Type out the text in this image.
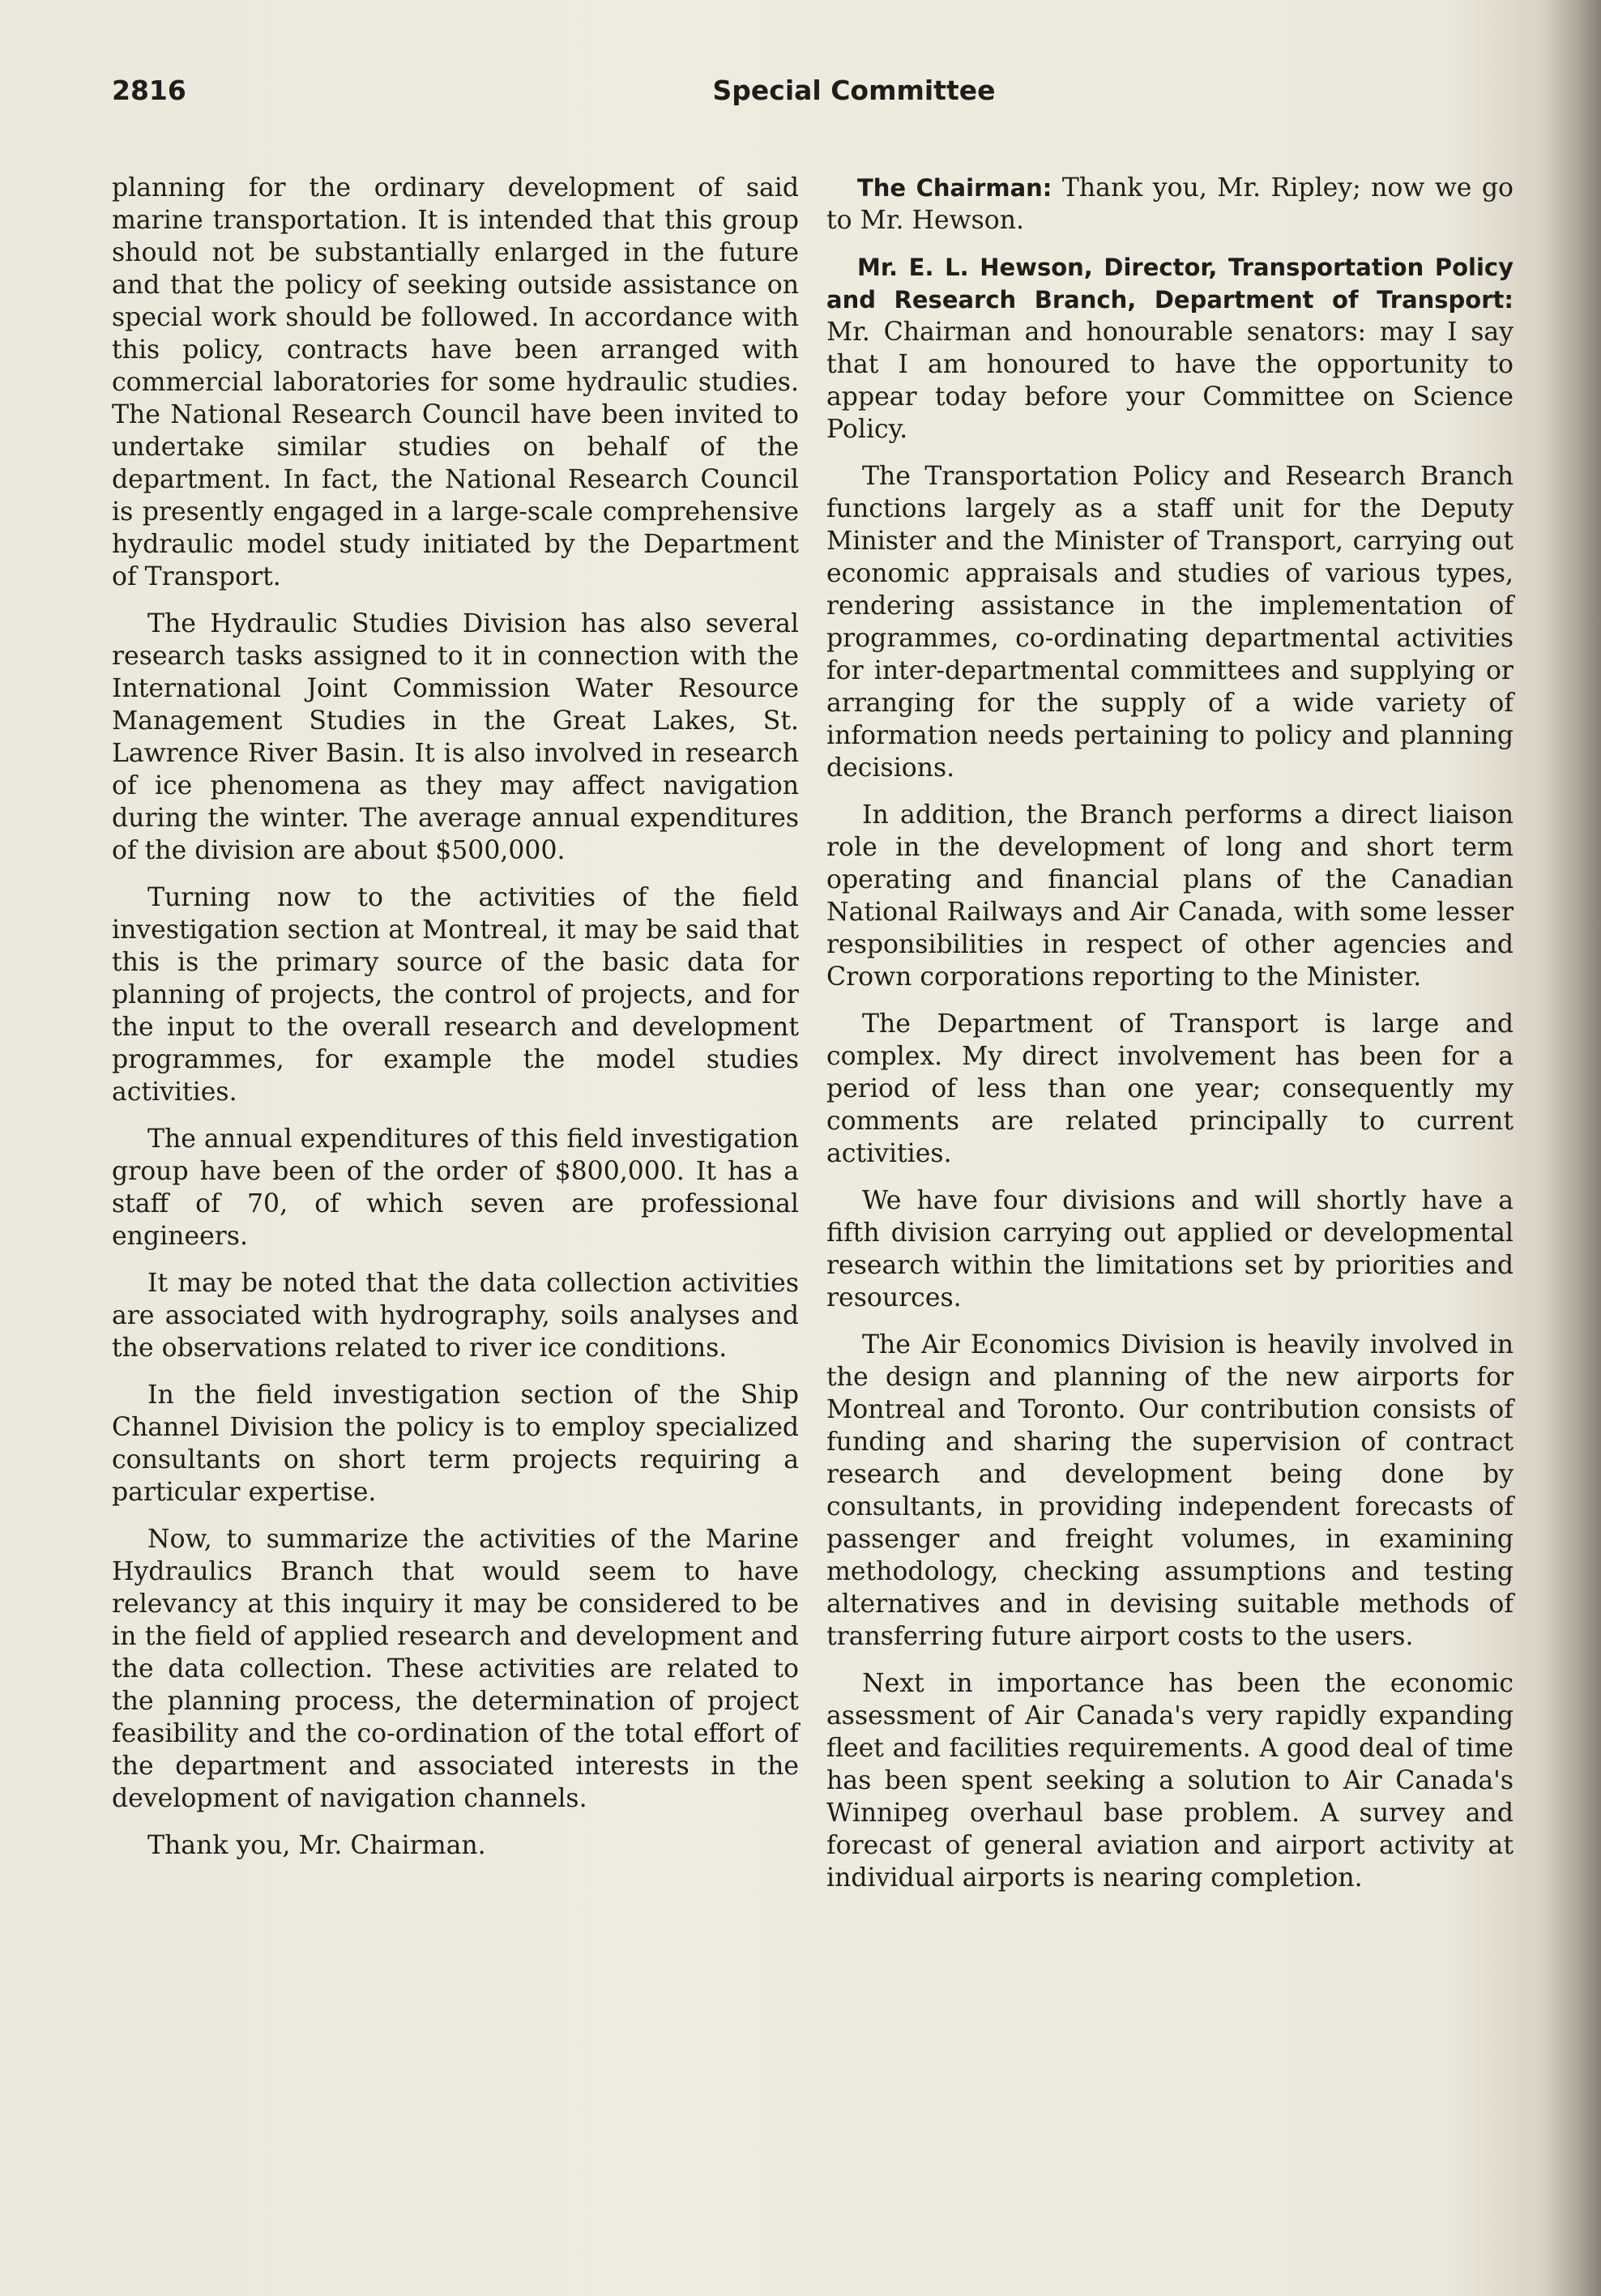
2816	Special Committee

planning for the ordinary development of said marine transportation. It is intended that this group should not be substantially enlarged in the future and that the policy of seeking outside assistance on special work should be followed. In accordance with this policy, contracts have been arranged with commercial laboratories for some hydraulic studies. The National Research Council have been invited to undertake similar studies on behalf of the department. In fact, the National Research Council is presently engaged in a large-scale comprehensive hydraulic model study initiated by the Department of Transport.

The Hydraulic Studies Division has also several research tasks assigned to it in connection with the International Joint Commission Water Resource Management Studies in the Great Lakes, St. Lawrence River Basin. It is also involved in research of ice phenomena as they may affect navigation during the winter. The average annual expenditures of the division are about $500,000.

Turning now to the activities of the field investigation section at Montreal, it may be said that this is the primary source of the basic data for planning of projects, the control of projects, and for the input to the overall research and development programmes, for example the model studies activities.

The annual expenditures of this field investigation group have been of the order of $800,000. It has a staff of 70, of which seven are professional engineers.

It may be noted that the data collection activities are associated with hydrography, soils analyses and the observations related to river ice conditions.

In the field investigation section of the Ship Channel Division the policy is to employ specialized consultants on short term projects requiring a particular expertise.

Now, to summarize the activities of the Marine Hydraulics Branch that would seem to have relevancy at this inquiry it may be considered to be in the field of applied research and development and the data collection. These activities are related to the planning process, the determination of project feasibility and the co-ordination of the total effort of the department and associated interests in the development of navigation channels.

Thank you, Mr. Chairman.

The Chairman: Thank you, Mr. Ripley; now we go to Mr. Hewson.

Mr. E. L. Hewson, Director, Transportation Policy and Research Branch, Department of Transport: Mr. Chairman and honourable senators: may I say that I am honoured to have the opportunity to appear today before your Committee on Science Policy.

The Transportation Policy and Research Branch functions largely as a staff unit for the Deputy Minister and the Minister of Transport, carrying out economic appraisals and studies of various types, rendering assistance in the implementation of programmes, co-ordinating departmental activities for inter-departmental committees and supplying or arranging for the supply of a wide variety of information needs pertaining to policy and planning decisions.

In addition, the Branch performs a direct liaison role in the development of long and short term operating and financial plans of the Canadian National Railways and Air Canada, with some lesser responsibilities in respect of other agencies and Crown corporations reporting to the Minister.

The Department of Transport is large and complex. My direct involvement has been for a period of less than one year; consequently my comments are related principally to current activities.

We have four divisions and will shortly have a fifth division carrying out applied or developmental research within the limitations set by priorities and resources.

The Air Economics Division is heavily involved in the design and planning of the new airports for Montreal and Toronto. Our contribution consists of funding and sharing the supervision of contract research and development being done by consultants, in providing independent forecasts of passenger and freight volumes, in examining methodology, checking assumptions and testing alternatives and in devising suitable methods of transferring future airport costs to the users.

Next in importance has been the economic assessment of Air Canada's very rapidly expanding fleet and facilities requirements. A good deal of time has been spent seeking a solution to Air Canada's Winnipeg overhaul base problem. A survey and forecast of general aviation and airport activity at individual airports is nearing completion.
